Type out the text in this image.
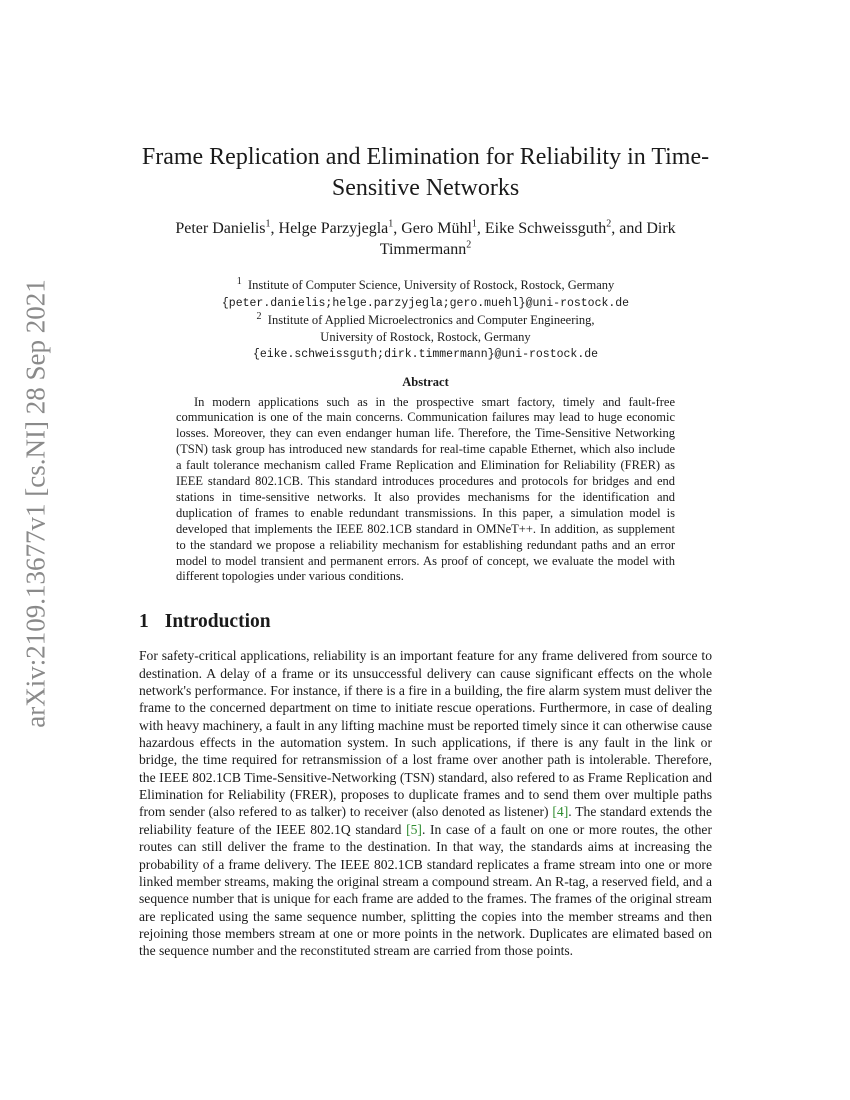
arXiv:2109.13677v1 [cs.NI] 28 Sep 2021
Frame Replication and Elimination for Reliability in Time-Sensitive Networks
Peter Danielis$^1$, Helge Parzyjegla$^1$, Gero Mühl$^1$, Eike Schweissguth$^2$, and Dirk Timmermann$^2$
$^1$ Institute of Computer Science, University of Rostock, Rostock, Germany
{peter.danielis;helge.parzyjegla;gero.muehl}@uni-rostock.de
$^2$ Institute of Applied Microelectronics and Computer Engineering,
University of Rostock, Rostock, Germany
{eike.schweissguth;dirk.timmermann}@uni-rostock.de
Abstract

In modern applications such as in the prospective smart factory, timely and fault-free communication is one of the main concerns. Communication failures may lead to huge economic losses. Moreover, they can even endanger human life. Therefore, the Time-Sensitive Networking (TSN) task group has introduced new standards for real-time capable Ethernet, which also include a fault tolerance mechanism called Frame Replication and Elimination for Reliability (FRER) as IEEE standard 802.1CB. This standard introduces procedures and protocols for bridges and end stations in time-sensitive networks. It also provides mechanisms for the identification and duplication of frames to enable redundant transmissions. In this paper, a simulation model is developed that implements the IEEE 802.1CB standard in OMNeT++. In addition, as supplement to the standard we propose a reliability mechanism for establishing redundant paths and an error model to model transient and permanent errors. As proof of concept, we evaluate the model with different topologies under various conditions.

1 Introduction

For safety-critical applications, reliability is an important feature for any frame delivered from source to destination. A delay of a frame or its unsuccessful delivery can cause significant effects on the whole network's performance. For instance, if there is a fire in a building, the fire alarm system must deliver the frame to the concerned department on time to initiate rescue operations. Furthermore, in case of dealing with heavy machinery, a fault in any lifting machine must be reported timely since it can otherwise cause hazardous effects in the automation system. In such applications, if there is any fault in the link or bridge, the time required for retransmission of a lost frame over another path is intolerable. Therefore, the IEEE 802.1CB Time-Sensitive-Networking (TSN) standard, also refered to as Frame Replication and Elimination for Reliability (FRER), proposes to duplicate frames and to send them over multiple paths from sender (also refered to as talker) to receiver (also denoted as listener) [4]. The standard extends the reliability feature of the IEEE 802.1Q standard [5]. In case of a fault on one or more routes, the other routes can still deliver the frame to the destination. In that way, the standards aims at increasing the probability of a frame delivery. The IEEE 802.1CB standard replicates a frame stream into one or more linked member streams, making the original stream a compound stream. An R-tag, a reserved field, and a sequence number that is unique for each frame are added to the frames. The frames of the original stream are replicated using the same sequence number, splitting the copies into the member streams and then rejoining those members stream at one or more points in the network. Duplicates are elimated based on the sequence number and the reconstituted stream are carried from those points.
